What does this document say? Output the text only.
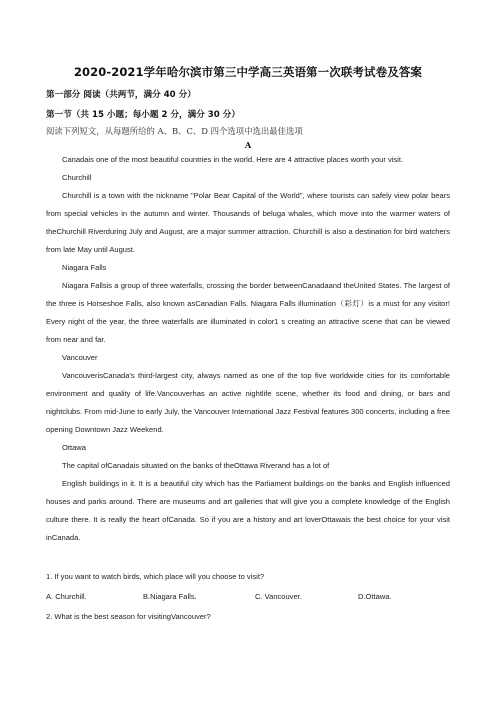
2020-2021学年哈尔滨市第三中学高三英语第一次联考试卷及答案
第一部分 阅读（共两节，满分 40 分）
第一节（共 15 小题；每小题 2 分，满分 30 分）
阅读下列短文，从每题所给的 A、B、C、D 四个选项中选出最佳选项
A
Canadais one of the most beautiful countries in the world. Here are 4 attractive places worth your visit.
Churchill
Churchill is a town with the nickname "Polar Bear Capital of the World", where tourists can safely view polar bears from special vehicles in the autumn and winter. Thousands of beluga whales, which move into the warmer waters of theChurchill Riverduring July and August, are a major summer attraction. Churchill is also a destination for bird watchers from late May until August.
Niagara Falls
Niagara Fallsis a group of three waterfalls, crossing the border betweenCanadaand theUnited States. The largest of the three is Horseshoe Falls, also known asCanadian Falls. Niagara Falls illumination（彩灯）is a must for any visitor! Every night of the year, the three waterfalls are illuminated in color1 s creating an attractive scene that can be viewed from near and far.
Vancouver
VancouverisCanada's third-largest city, always named as one of the top five worldwide cities for its comfortable environment and quality of life.Vancouverhas an active nightlife scene, whether its food and dining, or bars and nightclubs. From mid-June to early July, the Vancouver International Jazz Festival features 300 concerts, including a free opening Downtown Jazz Weekend.
Ottawa
The capital ofCanadais situated on the banks of theOttawa Riverand has a lot of
English buildings in it. It is a beautiful city which has the Parliament buildings on the banks and English influenced houses and parks around. There are museums and art galleries that will give you a complete knowledge of the English culture there. It is really the heart ofCanada. So if you are a history and art loverOttawais the best choice for your visit inCanada.
1. If you want to watch birds, which place will you choose to visit?
A. Churchill.	B.Niagara Falls.	C. Vancouver.	D.Ottawa.
2. What is the best season for visitingVancouver?
